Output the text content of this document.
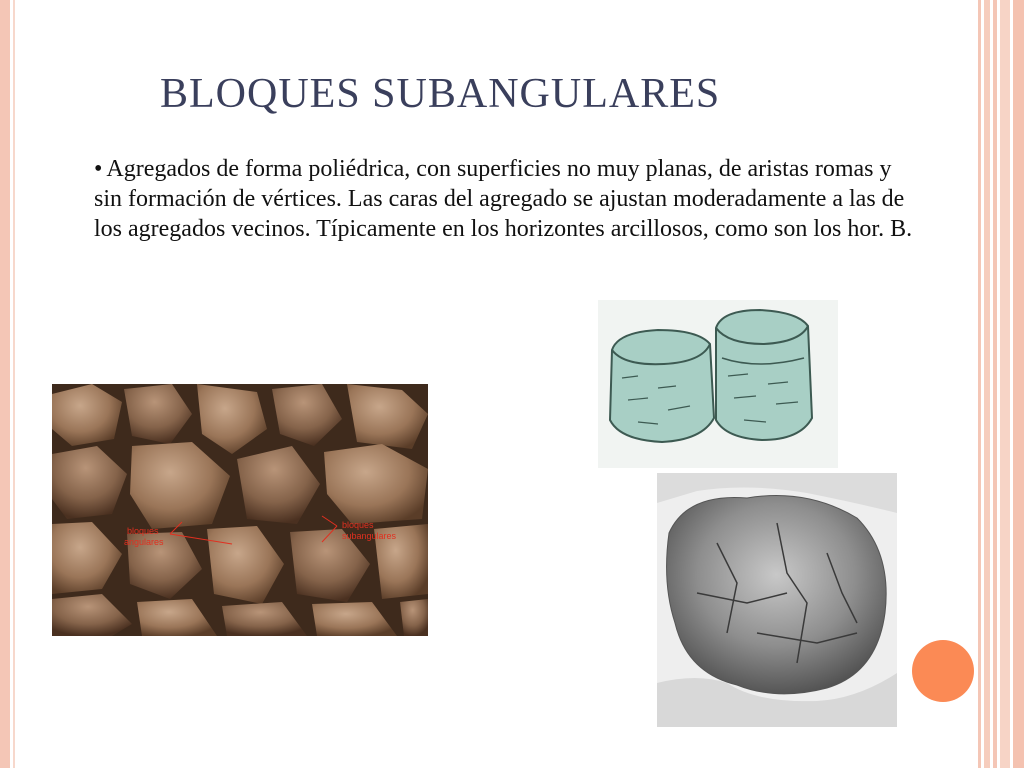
BLOQUES SUBANGULARES

• Agregados de forma poliédrica, con superficies no muy planas, de aristas romas y sin formación de vértices. Las caras del agregado se ajustan moderadamente a las de los agregados vecinos. Típicamente en los horizontes arcillosos, como son los hor. B.

bloques
angulares
bloques
subangulares
